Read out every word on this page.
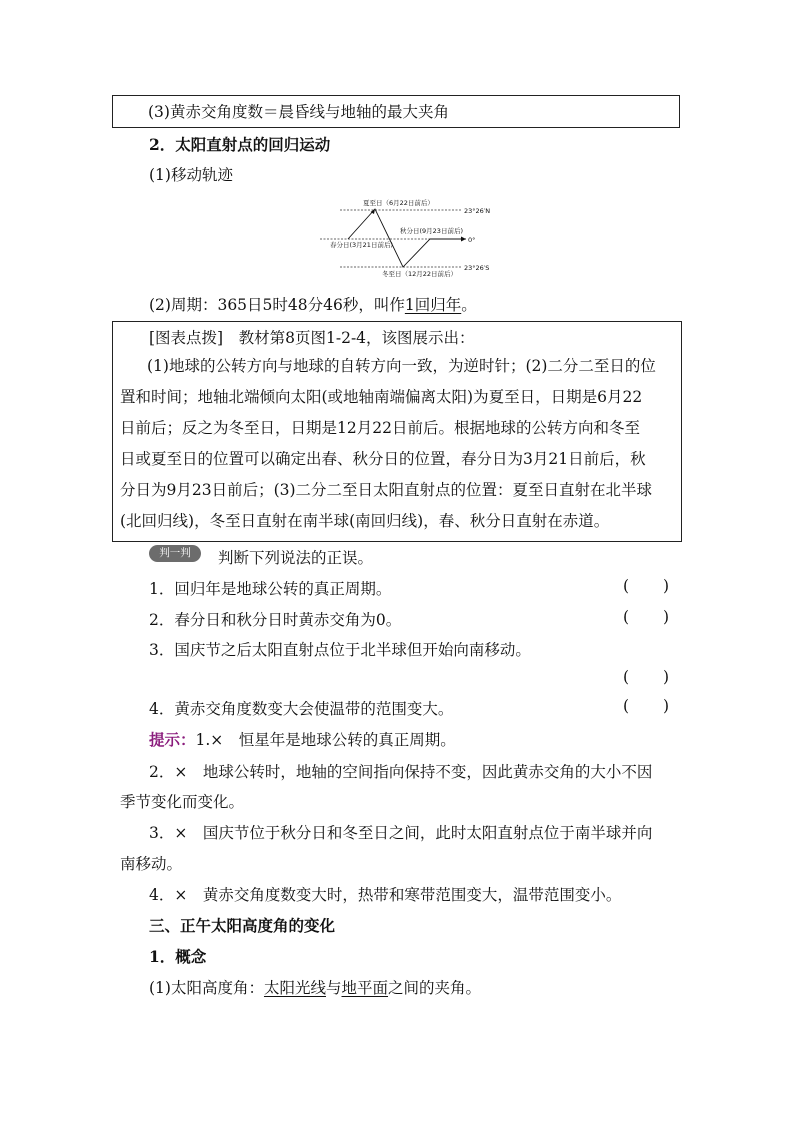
(3)黄赤交角度数＝晨昏线与地轴的最大夹角
2．太阳直射点的回归运动
(1)移动轨迹
夏至日（6月22日前后）
秋分日(9月23日前后)
春分日(3月21日前后)
冬至日（12月22日前后）
23°26′N
0°
23°26′S
(2)周期：365日5时48分46秒，叫作1回归年。
[图表点拨]　 教材第8页图1-2-4，该图展示出：
(1)地球的公转方向与地球的自转方向一致，为逆时针；(2)二分二至日的位
置和时间；地轴北端倾向太阳(或地轴南端偏离太阳)为夏至日，日期是6月22
日前后；反之为冬至日，日期是12月22日前后。根据地球的公转方向和冬至
日或夏至日的位置可以确定出春、秋分日的位置，春分日为3月21日前后，秋
分日为9月23日前后；(3)二分二至日太阳直射点的位置：夏至日直射在北半球
(北回归线)，冬至日直射在南半球(南回归线)，春、秋分日直射在赤道。
判一判	判断下列说法的正误。
1．回归年是地球公转的真正周期。	( )
2．春分日和秋分日时黄赤交角为0。	( )
3．国庆节之后太阳直射点位于北半球但开始向南移动。
( )
4．黄赤交角度数变大会使温带的范围变大。	( )
提示：1.×　恒星年是地球公转的真正周期。
2．×　地球公转时，地轴的空间指向保持不变，因此黄赤交角的大小不因
季节变化而变化。
3．×　国庆节位于秋分日和冬至日之间，此时太阳直射点位于南半球并向
南移动。
4．×　黄赤交角度数变大时，热带和寒带范围变大，温带范围变小。
三、正午太阳高度角的变化
1．概念
(1)太阳高度角：太阳光线与地平面之间的夹角。
